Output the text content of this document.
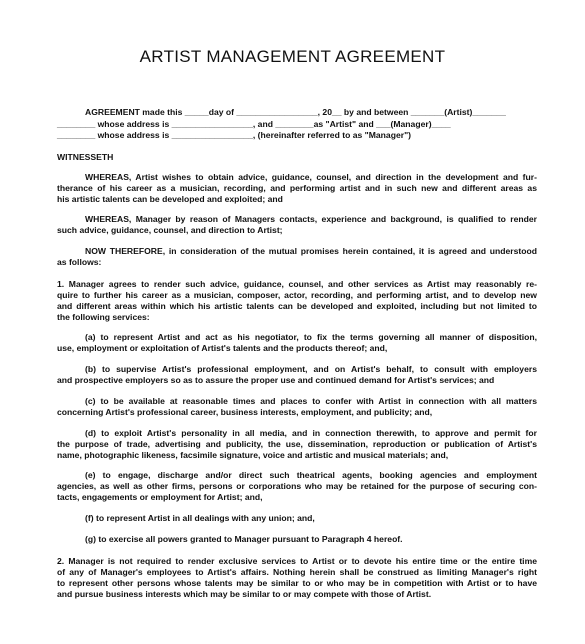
ARTIST MANAGEMENT AGREEMENT
AGREEMENT made this _____day of _________________, 20__ by and between _______(Artist)_______
________ whose address is _________________, and ________as "Artist" and ___(Manager)____
________ whose address is _________________, (hereinafter referred to as "Manager")
WITNESSETH
WHEREAS, Artist wishes to obtain advice, guidance, counsel, and direction in the development and fur-
therance of his career as a musician, recording, and performing artist and in such new and different areas as
his artistic talents can be developed and exploited; and
WHEREAS, Manager by reason of Managers contacts, experience and background, is qualified to render
such advice, guidance, counsel, and direction to Artist;
NOW THEREFORE, in consideration of the mutual promises herein contained, it is agreed and understood
as follows:
1. Manager agrees to render such advice, guidance, counsel, and other services as Artist may reasonably re-
quire to further his career as a musician, composer, actor, recording, and performing artist, and to develop new
and different areas within which his artistic talents can be developed and exploited, including but not limited to
the following services:
(a) to represent Artist and act as his negotiator, to fix the terms governing all manner of disposition,
use, employment or exploitation of Artist's talents and the products thereof; and,
(b) to supervise Artist's professional employment, and on Artist's behalf, to consult with employers
and prospective employers so as to assure the proper use and continued demand for Artist's services; and
(c) to be available at reasonable times and places to confer with Artist in connection with all matters
concerning Artist's professional career, business interests, employment, and publicity; and,
(d) to exploit Artist's personality in all media, and in connection therewith, to approve and permit for
the purpose of trade, advertising and publicity, the use, dissemination, reproduction or publication of Artist's
name, photographic likeness, facsimile signature, voice and artistic and musical materials; and,
(e) to engage, discharge and/or direct such theatrical agents, booking agencies and employment
agencies, as well as other firms, persons or corporations who may be retained for the purpose of securing con-
tacts, engagements or employment for Artist; and,
(f) to represent Artist in all dealings with any union; and,
(g) to exercise all powers granted to Manager pursuant to Paragraph 4 hereof.
2. Manager is not required to render exclusive services to Artist or to devote his entire time or the entire time
of any of Manager's employees to Artist's affairs. Nothing herein shall be construed as limiting Manager's right
to represent other persons whose talents may be similar to or who may be in competition with Artist or to have
and pursue business interests which may be similar to or may compete with those of Artist.
